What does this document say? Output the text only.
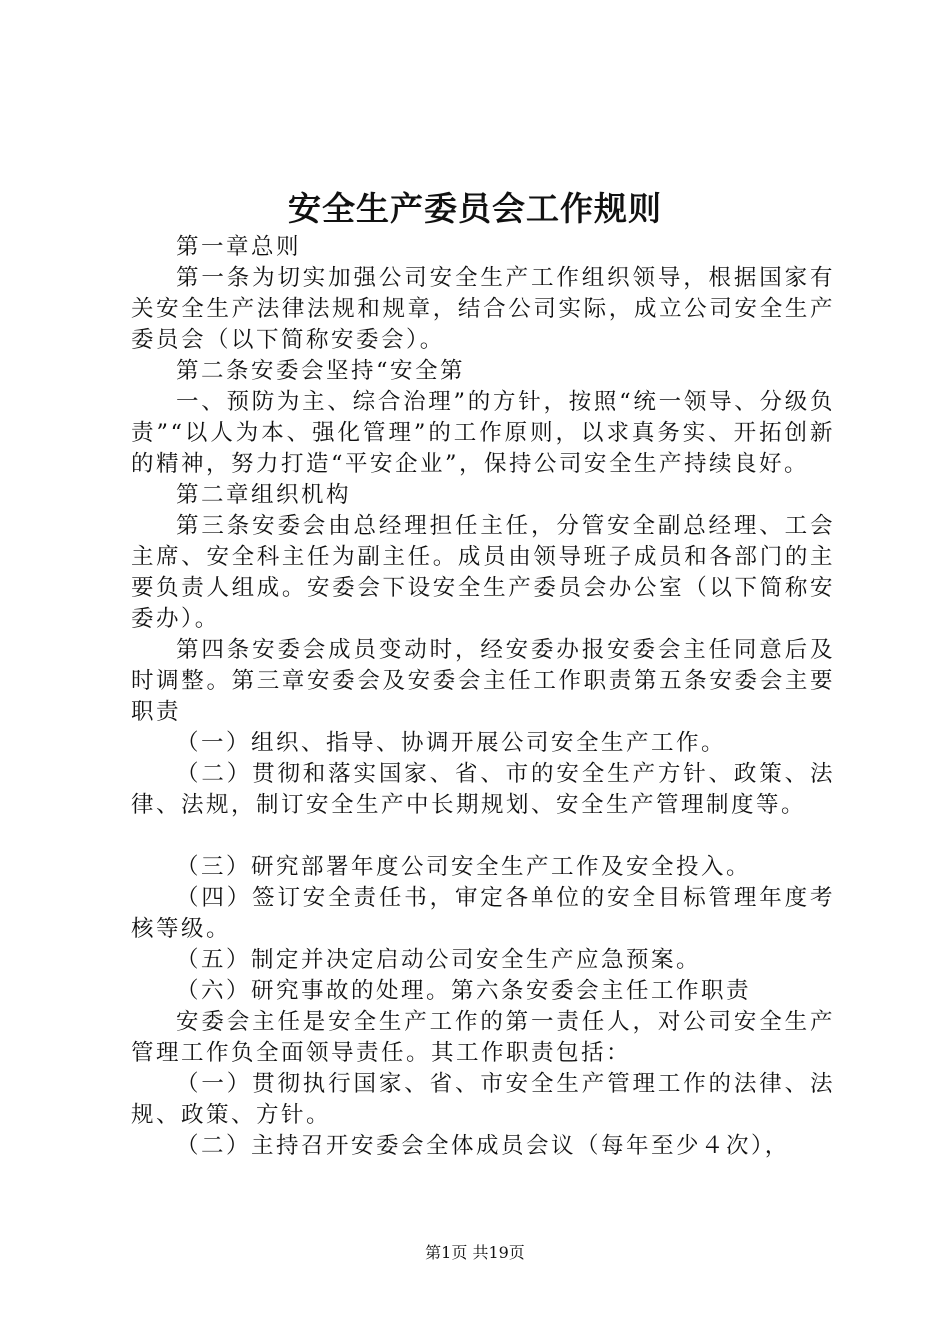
安全生产委员会工作规则

第一章总则

第一条为切实加强公司安全生产工作组织领导，根据国家有关安全生产法律法规和规章，结合公司实际，成立公司安全生产委员会（以下简称安委会）。

第二条安委会坚持“安全第

一、预防为主、综合治理”的方针，按照“统一领导、分级负责”“以人为本、强化管理”的工作原则，以求真务实、开拓创新的精神，努力打造“平安企业”，保持公司安全生产持续良好。

第二章组织机构

第三条安委会由总经理担任主任，分管安全副总经理、工会主席、安全科主任为副主任。成员由领导班子成员和各部门的主要负责人组成。安委会下设安全生产委员会办公室（以下简称安委办）。

第四条安委会成员变动时，经安委办报安委会主任同意后及时调整。第三章安委会及安委会主任工作职责第五条安委会主要职责

（一）组织、指导、协调开展公司安全生产工作。

（二）贯彻和落实国家、省、市的安全生产方针、政策、法律、法规，制订安全生产中长期规划、安全生产管理制度等。

（三）研究部署年度公司安全生产工作及安全投入。

（四）签订安全责任书，审定各单位的安全目标管理年度考核等级。

（五）制定并决定启动公司安全生产应急预案。

（六）研究事故的处理。第六条安委会主任工作职责

安委会主任是安全生产工作的第一责任人，对公司安全生产管理工作负全面领导责任。其工作职责包括：

（一）贯彻执行国家、省、市安全生产管理工作的法律、法规、政策、方针。

（二）主持召开安委会全体成员会议（每年至少４次），

第1页 共19页
